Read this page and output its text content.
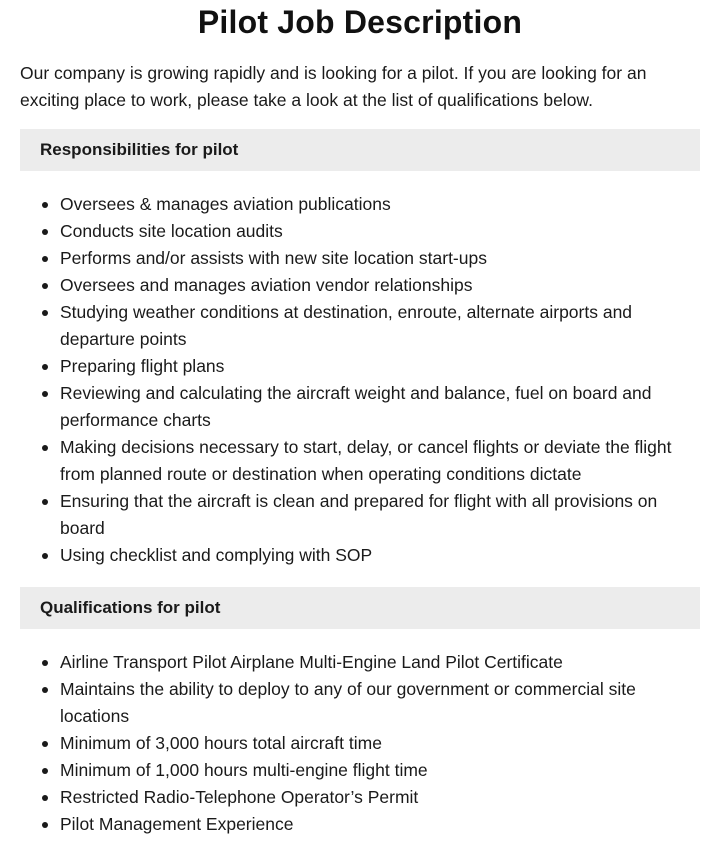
Pilot Job Description

Our company is growing rapidly and is looking for a pilot. If you are looking for an exciting place to work, please take a look at the list of qualifications below.

Responsibilities for pilot
Oversees & manages aviation publications
Conducts site location audits
Performs and/or assists with new site location start-ups
Oversees and manages aviation vendor relationships
Studying weather conditions at destination, enroute, alternate airports and departure points
Preparing flight plans
Reviewing and calculating the aircraft weight and balance, fuel on board and performance charts
Making decisions necessary to start, delay, or cancel flights or deviate the flight from planned route or destination when operating conditions dictate
Ensuring that the aircraft is clean and prepared for flight with all provisions on board
Using checklist and complying with SOP
Qualifications for pilot
Airline Transport Pilot Airplane Multi-Engine Land Pilot Certificate
Maintains the ability to deploy to any of our government or commercial site locations
Minimum of 3,000 hours total aircraft time
Minimum of 1,000 hours multi-engine flight time
Restricted Radio-Telephone Operator’s Permit
Pilot Management Experience
